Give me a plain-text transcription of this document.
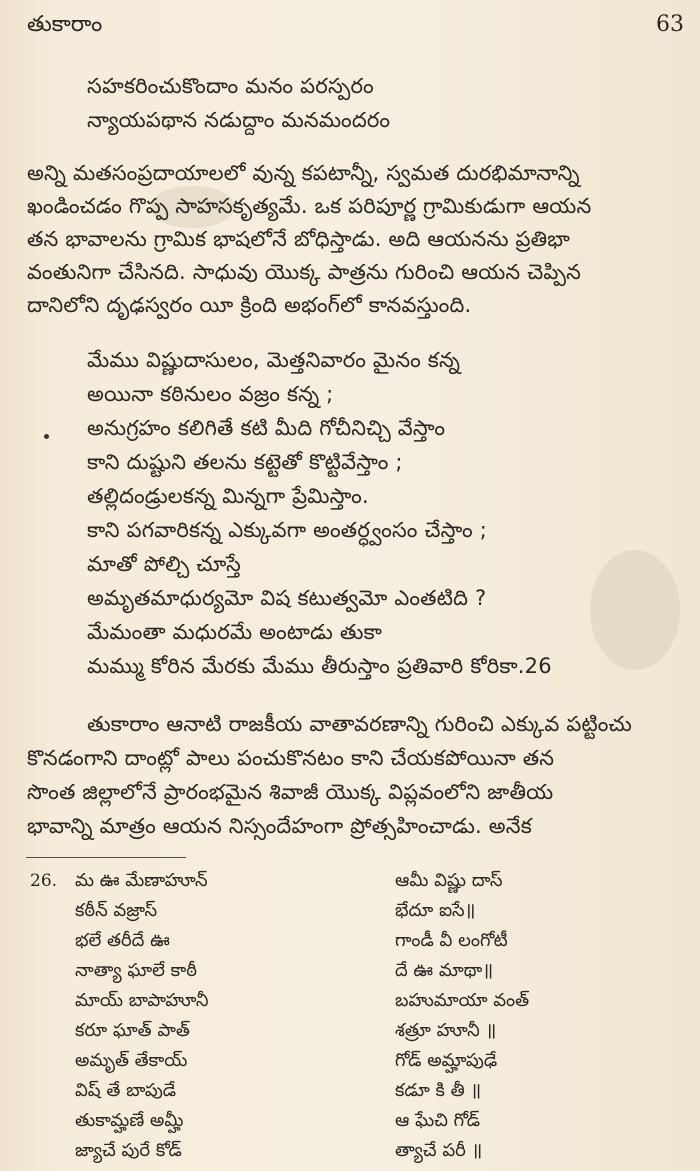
తుకారాం	63
సహకరించుకొందాం మనం పరస్పరం
న్యాయపథాన నడుద్దాం మనమందరం
అన్ని మతసంప్రదాయాలలో వున్న కపటాన్నీ, స్వమత దురభిమానాన్ని
ఖండించడం గొప్ప సాహసకృత్యమే. ఒక పరిపూర్ణ గ్రామికుడుగా ఆయన
తన భావాలను గ్రామిక భాషలోనే బోధిస్తాడు. అది ఆయనను ప్రతిభా
వంతునిగా చేసినది. సాధువు యొక్క పాత్రను గురించి ఆయన చెప్పిన
దానిలోని దృఢస్వరం యీ క్రింది అభంగ్‌లో కానవస్తుంది.
మేము విష్ణుదాసులం, మెత్తనివారం మైనం కన్న
అయినా కఠినులం వజ్రం కన్న ;
అనుగ్రహం కలిగితే కటి మీది గోచీనిచ్చి వేస్తాం
కాని దుష్టుని తలను కట్టెతో కొట్టివేస్తాం ;
తల్లిదండ్రులకన్న మిన్నగా ప్రేమిస్తాం.
కాని పగవారికన్న ఎక్కువగా అంతర్ధ్వంసం చేస్తాం ;
మాతో పోల్చి చూస్తే
అమృతమాధుర్యమో విష కటుత్వమో ఎంతటిది ?
మేమంతా మధురమే అంటాడు తుకా
మమ్ము కోరిన మేరకు మేము తీరుస్తాం ప్రతివారి కోరికా.26
తుకారాం ఆనాటి రాజకీయ వాతావరణాన్ని గురించి ఎక్కువ పట్టించు
కొనడంగాని దాంట్లో పాలు పంచుకొనటం కాని చేయకపోయినా తన
సొంత జిల్లాలోనే ప్రారంభమైన శివాజీ యొక్క విప్లవంలోని జాతీయ
భావాన్ని మాత్రం ఆయన నిస్సందేహంగా ప్రోత్సహించాడు. అనేక
26. మ ఊ మేణాహూన్
కఠీన్ వజ్రాస్
భలే తరీదే ఊ
నాత్యా ఘాలే కాఠీ
మాయ్ బాపాహూనీ
కరూ ఘాత్ పాత్
అమృత్ తేకాయ్
విష్ తే బాపుడే
తుకామ్హణే అమ్హీ
జ్యాచే పురే కోడ్
ఆమీ విష్ణు దాస్
భేదూ ఐసే॥
గాండీ వీ లంగోటీ
దే ఊ మాథా॥
బహుమాయా వంత్
శత్రూ హూనీ ॥
గోడ్ అమ్హాపుఢే
కడూ కి తీ ॥
ఆ ఘేచి గోడ్
త్యాచే పరీ ॥
